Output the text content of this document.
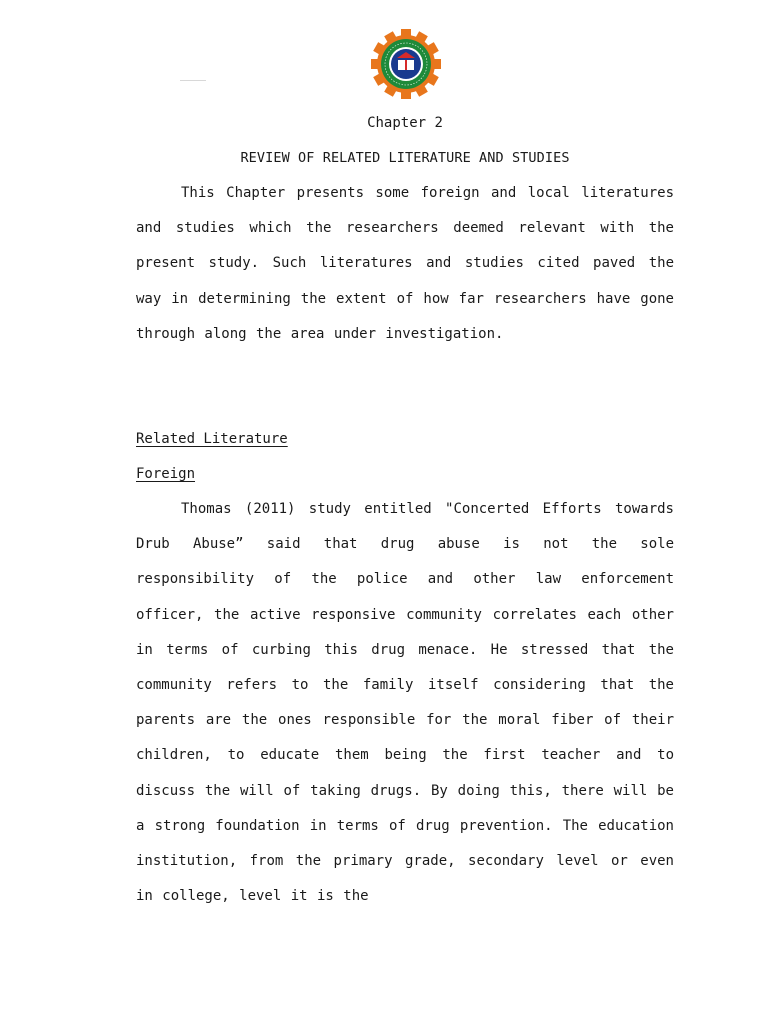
Chapter 2
REVIEW OF RELATED LITERATURE AND STUDIES

This Chapter presents some foreign and local literatures and studies which the researchers deemed relevant with the present study. Such literatures and studies cited paved the way in determining the extent of how far researchers have gone through along the area under investigation.

Related Literature
Foreign

Thomas (2011) study entitled "Concerted Efforts towards Drub Abuse” said that drug abuse is not the sole responsibility of the police and other law enforcement officer, the active responsive community correlates each other in terms of curbing this drug menace. He stressed that the community refers to the family itself considering that the parents are the ones responsible for the moral fiber of their children, to educate them being the first teacher and to discuss the will of taking drugs. By doing this, there will be a strong foundation in terms of drug prevention. The education institution, from the primary grade, secondary level or even in college, level it is the
